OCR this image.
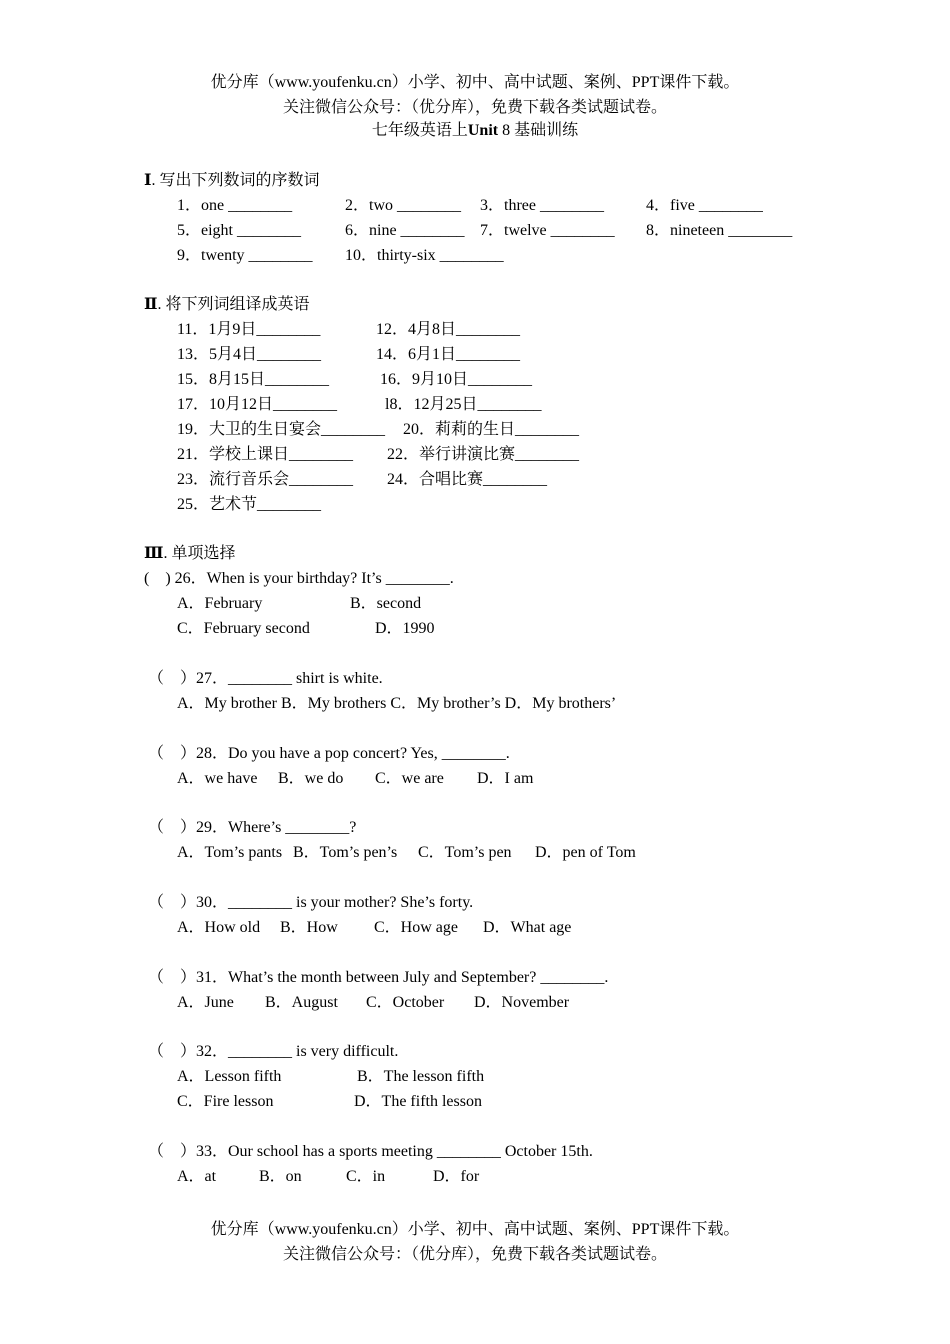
优分库（www.youfenku.cn）小学、初中、高中试题、案例、PPT课件下载。
关注微信公众号：（优分库），免费下载各类试题试卷。
七年级英语上Unit 8 基础训练
Ⅰ. 写出下列数词的序数词
1．one ________	2．two ________ 3．three ________	4．five ________
5．eight ________	6．nine ________ 7．twelve ________ 8．nineteen ________
9．twenty ________ 10．thirty-six ________
Ⅱ. 将下列词组译成英语
11．1月9日________	12．4月8日________
13．5月4日________	14．6月1日________
15．8月15日________	16．9月10日________
17．10月12日________	l8．12月25日________
19．大卫的生日宴会________ 20．莉莉的生日________
21．学校上课日________ 22．举行讲演比赛________
23．流行音乐会________ 24．合唱比赛________
25．艺术节________
Ⅲ. 单项选择
(　) 26．When is your birthday? It’s ________.
A．February	B．second
C．February second	D．1990
（　）27．________ shirt is white.
A．My brother B．My brothers C．My brother’s D．My brothers’
（　）28．Do you have a pop concert? Yes, ________.
A．we have B．we do C．we are D．I am
（　）29．Where’s ________?
A．Tom’s pants B．Tom’s pen’s C．Tom’s pen D．pen of Tom
（　）30．________ is your mother? She’s forty.
A．How old B．How C．How age D．What age
（　）31．What’s the month between July and September? ________.
A．June B．August C．October D．November
（　）32．________ is very difficult.
A．Lesson fifth	B．The lesson fifth
C．Fire lesson	D．The fifth lesson
（　）33．Our school has a sports meeting ________ October 15th.
A．at	B．on	C．in	D．for
优分库（www.youfenku.cn）小学、初中、高中试题、案例、PPT课件下载。
关注微信公众号：（优分库），免费下载各类试题试卷。
